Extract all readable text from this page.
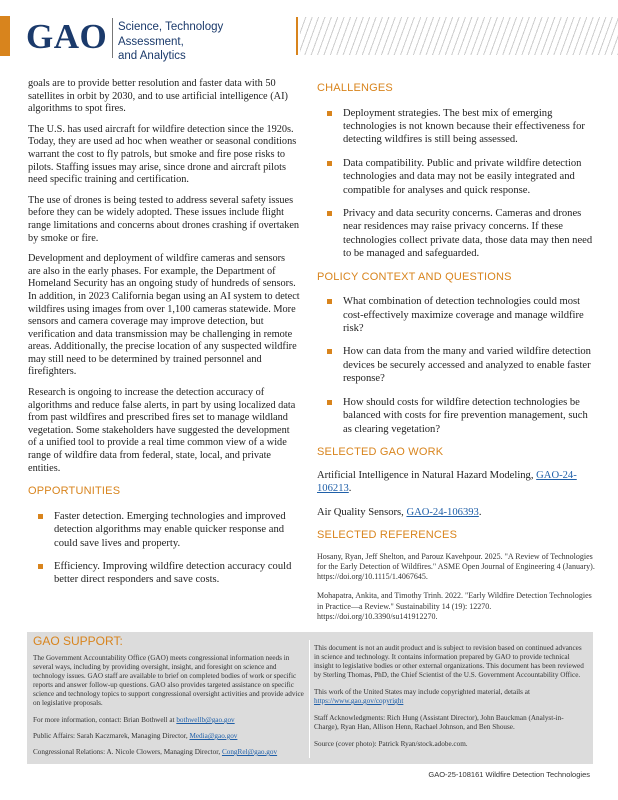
GAO Science, Technology Assessment,
and Analytics

goals are to provide better resolution and faster data with 50 satellites in orbit by 2030, and to use artificial intelligence (AI) algorithms to spot fires.

The U.S. has used aircraft for wildfire detection since the 1920s. Today, they are used ad hoc when weather or seasonal conditions warrant the cost to fly patrols, but smoke and fire pose risks to pilots. Staffing issues may arise, since drone and aircraft pilots need specific training and certification.

The use of drones is being tested to address several safety issues before they can be widely adopted. These issues include flight range limitations and concerns about drones crashing if overtaken by smoke or fire.

Development and deployment of wildfire cameras and sensors are also in the early phases. For example, the Department of Homeland Security has an ongoing study of hundreds of sensors. In addition, in 2023 California began using an AI system to detect wildfires using images from over 1,100 cameras statewide. More sensors and camera coverage may improve detection, but verification and data transmission may be challenging in remote areas. Additionally, the precise location of any suspected wildfire may still need to be determined by trained personnel and firefighters.

Research is ongoing to increase the detection accuracy of algorithms and reduce false alerts, in part by using localized data from past wildfires and prescribed fires set to manage wildland vegetation. Some stakeholders have suggested the development of a unified tool to provide a real time common view of a wide range of wildfire data from federal, state, local, and private entities.

OPPORTUNITIES
Faster detection. Emerging technologies and improved detection algorithms may enable quicker response and could save lives and property.
Efficiency. Improving wildfire detection accuracy could better direct responders and save costs.
CHALLENGES
Deployment strategies. The best mix of emerging technologies is not known because their effectiveness for detecting wildfires is still being assessed.
Data compatibility. Public and private wildfire detection technologies and data may not be easily integrated and compatible for analyses and quick response.
Privacy and data security concerns. Cameras and drones near residences may raise privacy concerns. If these technologies collect private data, those data may then need to be managed and safeguarded.
POLICY CONTEXT AND QUESTIONS
What combination of detection technologies could most cost-effectively maximize coverage and manage wildfire risk?
How can data from the many and varied wildfire detection devices be securely accessed and analyzed to enable faster response?
How should costs for wildfire detection technologies be balanced with costs for fire prevention management, such as clearing vegetation?
SELECTED GAO WORK
Artificial Intelligence in Natural Hazard Modeling, GAO-24-106213.
Air Quality Sensors, GAO-24-106393.
SELECTED REFERENCES
Hosany, Ryan, Jeff Shelton, and Parouz Kavehpour. 2025. "A Review of Technologies for the Early Detection of Wildfires." ASME Open Journal of Engineering 4 (January). https://doi.org/10.1115/1.4067645.
Mohapatra, Ankita, and Timothy Trinh. 2022. "Early Wildfire Detection Technologies in Practice—a Review." Sustainability 14 (19): 12270. https://doi.org/10.3390/su141912270.
GAO SUPPORT:

The Government Accountability Office (GAO) meets congressional information needs in several ways, including by providing oversight, insight, and foresight on science and technology issues. GAO staff are available to brief on completed bodies of work or specific reports and answer follow-up questions. GAO also provides targeted assistance on specific science and technology topics to support congressional oversight activities and provide advice on legislative proposals.

For more information, contact: Brian Bothwell at bothwellb@gao.gov

Public Affairs: Sarah Kaczmarek, Managing Director, Media@gao.gov

Congressional Relations: A. Nicole Clowers, Managing Director, CongRel@gao.gov

This document is not an audit product and is subject to revision based on continued advances in science and technology. It contains information prepared by GAO to provide technical insight to legislative bodies or other external organizations. This document has been reviewed by Sterling Thomas, PhD, the Chief Scientist of the U.S. Government Accountability Office.

This work of the United States may include copyrighted material, details at https://www.gao.gov/copyright

Staff Acknowledgments: Rich Hung (Assistant Director), John Bauckman (Analyst-in-Charge), Ryan Han, Allison Henn, Rachael Johnson, and Ben Shouse.

Source (cover photo): Patrick Ryan/stock.adobe.com.

GAO-25-108161 Wildfire Detection Technologies
